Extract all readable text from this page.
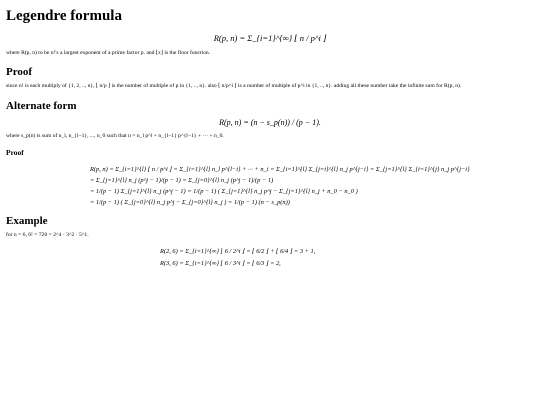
Legendre formula
R(p, n) = Σ_{i=1}^{∞} ⌊ n / p^i ⌋

where R(p, n) to be n!'s a largest exponent of a prime factor p. and ⌊x⌋ is the floor function.

Proof

since n! is each multiply of {1, 2, .., n}, ⌊ n/p ⌋ is the number of multiple of p in {1, .., n}. also ⌊ n/p^i ⌋ is a number of multiple of p^i in {1, .., n}. adding all these number take the infinite sum for R(p, n).

Alternate form
R(p, n) = (n − s_p(n)) / (p − 1).

where s_p(n) is sum of n_l, n_{l−1}, ..., n_0 such that n = n_l p^l + n_{l−1} p^{l−1} + ··· + n_0.

Proof
R(p, n) = Σ_{i=1}^{l} ⌊ n / p^i ⌋ = Σ_{i=1}^{l} n_l p^{l−i} + ··· + n_i = Σ_{i=1}^{l} Σ_{j=i}^{l} n_j p^{j−i} = Σ_{j=1}^{l} Σ_{i=1}^{j} n_j p^{j−i}
= Σ_{j=1}^{l} n_j (p^j − 1)/(p − 1) = Σ_{j=0}^{l} n_j (p^j − 1)/(p − 1)
= 1/(p − 1) Σ_{j=1}^{l} n_j (p^j − 1) = 1/(p − 1) ( Σ_{j=1}^{l} n_j p^j − Σ_{j=1}^{l} n_j + n_0 − n_0 )
= 1/(p − 1) ( Σ_{j=0}^{l} n_j p^j − Σ_{j=0}^{l} n_j ) = 1/(p − 1) (n − s_p(n))
Example

for n = 6, 6! = 720 = 2^4 · 3^2 · 5^1.

R(2, 6) = Σ_{i=1}^{∞} ⌊ 6 / 2^i ⌋ = ⌊ 6/2 ⌋ + ⌊ 6/4 ⌋ = 3 + 1,
R(3, 6) = Σ_{i=1}^{∞} ⌊ 6 / 3^i ⌋ = ⌊ 6/3 ⌋ = 2,
